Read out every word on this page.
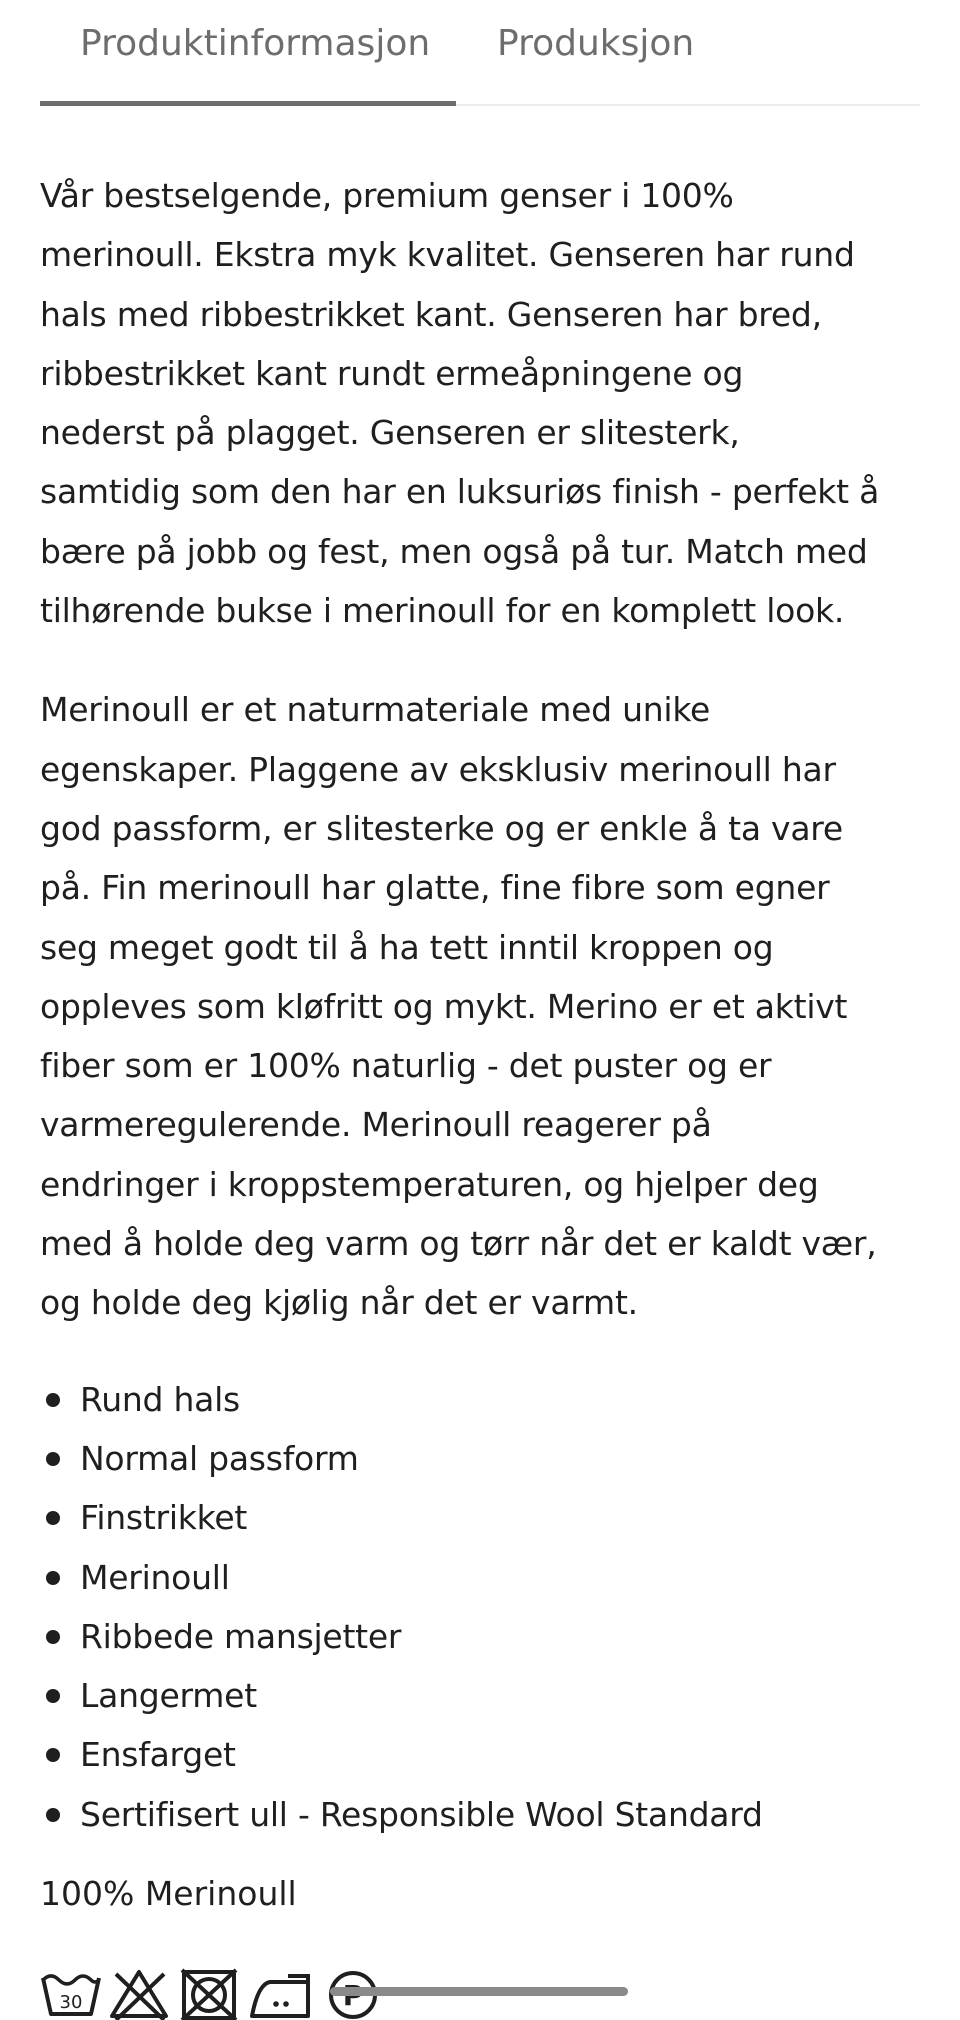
Produktinformasjon Produksjon

Vår bestselgende, premium genser i 100%
merinoull. Ekstra myk kvalitet. Genseren har rund
hals med ribbestrikket kant. Genseren har bred,
ribbestrikket kant rundt ermeåpningene og
nederst på plagget. Genseren er slitesterk,
samtidig som den har en luksuriøs finish - perfekt å
bære på jobb og fest, men også på tur. Match med
tilhørende bukse i merinoull for en komplett look.

Merinoull er et naturmateriale med unike
egenskaper. Plaggene av eksklusiv merinoull har
god passform, er slitesterke og er enkle å ta vare
på. Fin merinoull har glatte, fine fibre som egner
seg meget godt til å ha tett inntil kroppen og
oppleves som kløfritt og mykt. Merino er et aktivt
fiber som er 100% naturlig - det puster og er
varmeregulerende. Merinoull reagerer på
endringer i kroppstemperaturen, og hjelper deg
med å holde deg varm og tørr når det er kaldt vær,
og holde deg kjølig når det er varmt.

Rund hals
Normal passform
Finstrikket
Merinoull
Ribbede mansjetter
Langermet
Ensfarget
Sertifisert ull - Responsible Wool Standard

100% Merinoull

30
